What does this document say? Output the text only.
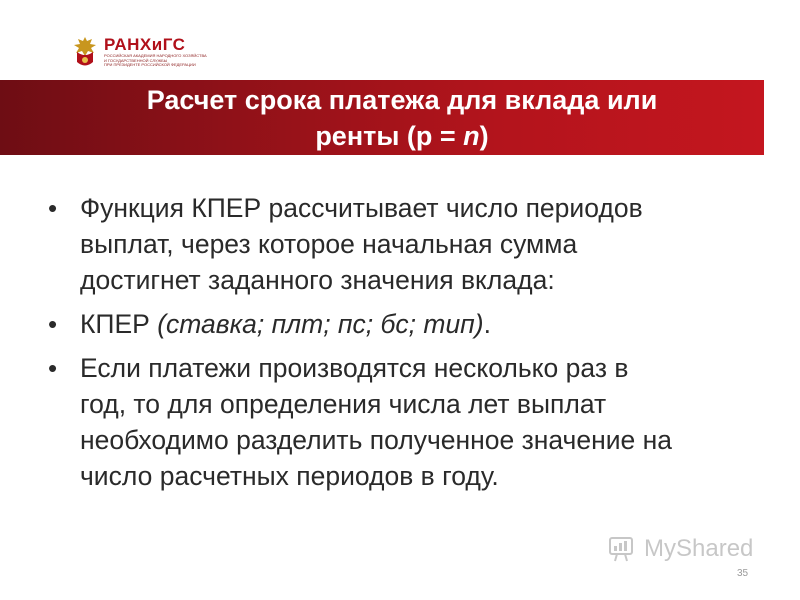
РАНХиГС
РОССИЙСКАЯ АКАДЕМИЯ НАРОДНОГО ХОЗЯЙСТВА
И ГОСУДАРСТВЕННОЙ СЛУЖБЫ
ПРИ ПРЕЗИДЕНТЕ РОССИЙСКОЙ ФЕДЕРАЦИИ
Расчет срока платежа для вклада или
ренты (р = n)
• Функция КПЕР рассчитывает число периодов
выплат, через которое начальная сумма
достигнет заданного значения вклада:
• КПЕР (ставка; плт; пс; бс; тип).
• Если платежи производятся несколько раз в
год, то для определения числа лет выплат
необходимо разделить полученное значение на
число расчетных периодов в году.
MyShared
35
